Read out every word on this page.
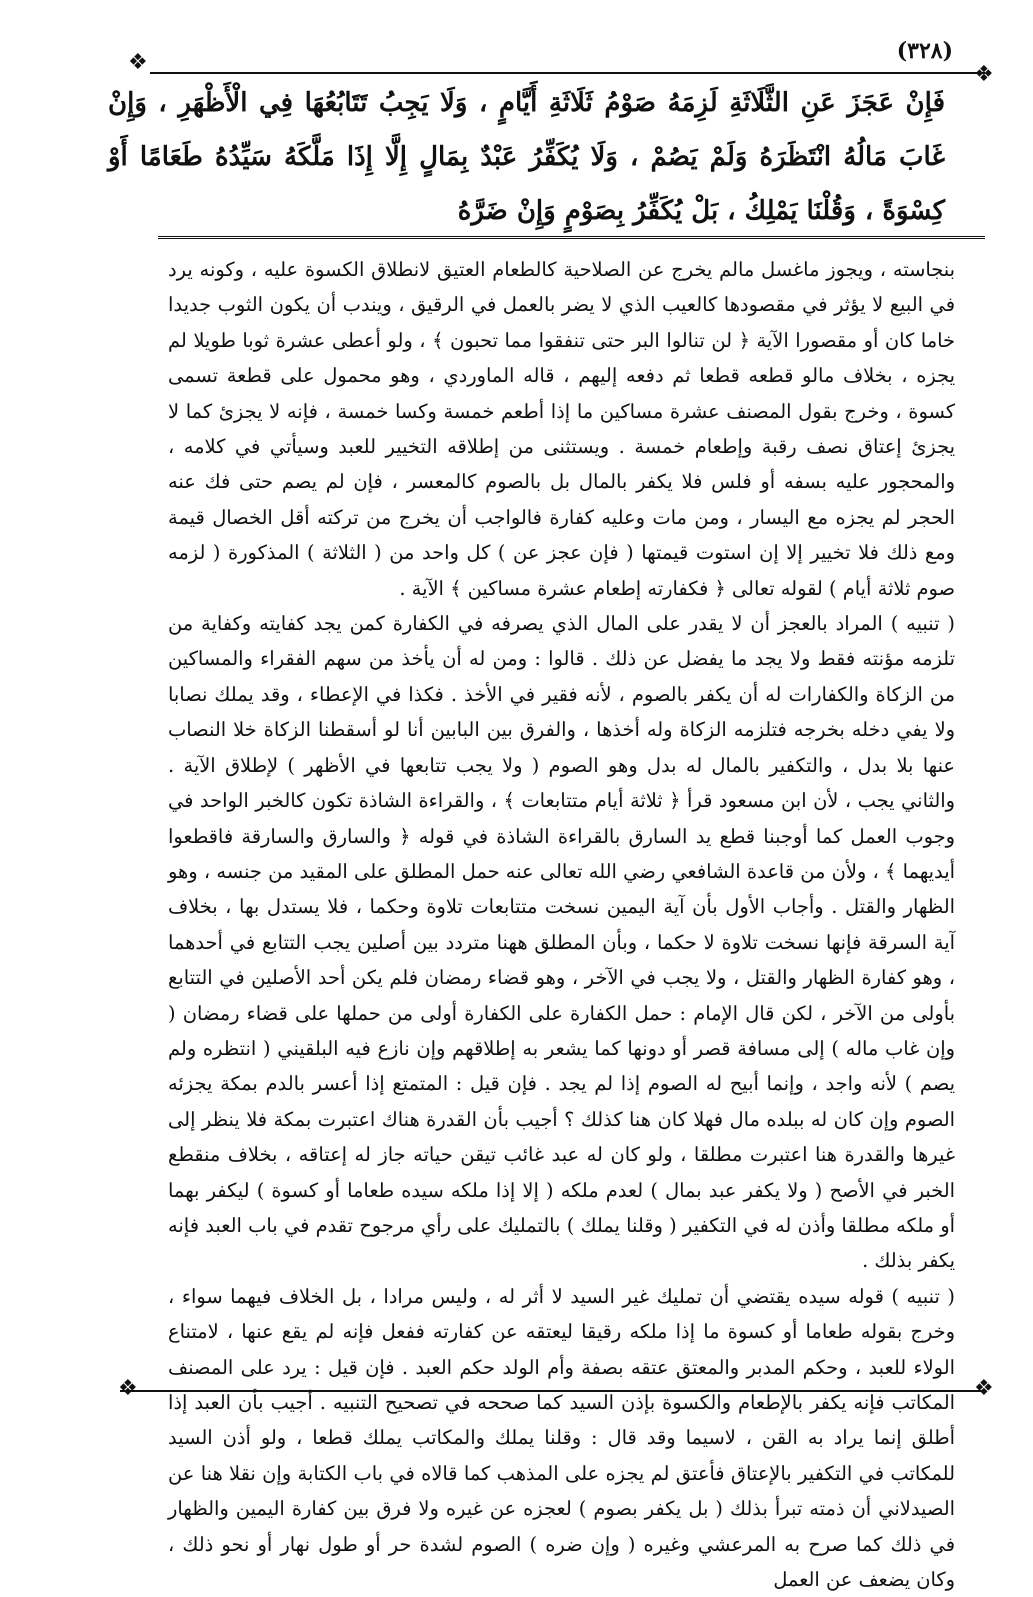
(٣٢٨)
❖	❖
فَإِنْ عَجَزَ عَنِ الثَّلَاثَةِ لَزِمَهُ صَوْمُ ثَلَاثَةِ أَيَّامٍ ، وَلَا يَجِبُ تَتَابُعُهَا فِي الْأَظْهَرِ ، وَإِنْ غَابَ مَالُهُ انْتَظَرَهُ وَلَمْ يَصُمْ ، وَلَا يُكَفِّرُ عَبْدٌ بِمَالٍ إِلَّا إِذَا مَلَّكَهُ سَيِّدُهُ طَعَامًا أَوْ كِسْوَةً ، وَقُلْنَا يَمْلِكُ ، بَلْ يُكَفِّرُ بِصَوْمٍ وَإِنْ ضَرَّهُ

بنجاسته ، ويجوز ماغسل مالم يخرج عن الصلاحية كالطعام العتيق لانطلاق الكسوة عليه ، وكونه يرد في البيع لا يؤثر في مقصودها كالعيب الذي لا يضر بالعمل في الرقيق ، ويندب أن يكون الثوب جديدا خاما كان أو مقصورا الآية ﴿ لن تنالوا البر حتى تنفقوا مما تحبون ﴾ ، ولو أعطى عشرة ثوبا طويلا لم يجزه ، بخلاف مالو قطعه قطعا ثم دفعه إليهم ، قاله الماوردي ، وهو محمول على قطعة تسمى كسوة ، وخرج بقول المصنف عشرة مساكين ما إذا أطعم خمسة وكسا خمسة ، فإنه لا يجزئ كما لا يجزئ إعتاق نصف رقبة وإطعام خمسة . ويستثنى من إطلاقه التخيير للعبد وسيأتي في كلامه ، والمحجور عليه بسفه أو فلس فلا يكفر بالمال بل بالصوم كالمعسر ، فإن لم يصم حتى فك عنه الحجر لم يجزه مع اليسار ، ومن مات وعليه كفارة فالواجب أن يخرج من تركته أقل الخصال قيمة ومع ذلك فلا تخيير إلا إن استوت قيمتها ( فإن عجز عن ) كل واحد من ( الثلاثة ) المذكورة ( لزمه صوم ثلاثة أيام ) لقوله تعالى ﴿ فكفارته إطعام عشرة مساكين ﴾ الآية .

( تنبيه ) المراد بالعجز أن لا يقدر على المال الذي يصرفه في الكفارة كمن يجد كفايته وكفاية من تلزمه مؤنته فقط ولا يجد ما يفضل عن ذلك . قالوا : ومن له أن يأخذ من سهم الفقراء والمساكين من الزكاة والكفارات له أن يكفر بالصوم ، لأنه فقير في الأخذ . فكذا في الإعطاء ، وقد يملك نصابا ولا يفي دخله بخرجه فتلزمه الزكاة وله أخذها ، والفرق بين البابين أنا لو أسقطنا الزكاة خلا النصاب عنها بلا بدل ، والتكفير بالمال له بدل وهو الصوم ( ولا يجب تتابعها في الأظهر ) لإطلاق الآية . والثاني يجب ، لأن ابن مسعود قرأ ﴿ ثلاثة أيام متتابعات ﴾ ، والقراءة الشاذة تكون كالخبر الواحد في وجوب العمل كما أوجبنا قطع يد السارق بالقراءة الشاذة في قوله ﴿ والسارق والسارقة فاقطعوا أيديهما ﴾ ، ولأن من قاعدة الشافعي رضي الله تعالى عنه حمل المطلق على المقيد من جنسه ، وهو الظهار والقتل . وأجاب الأول بأن آية اليمين نسخت متتابعات تلاوة وحكما ، فلا يستدل بها ، بخلاف آية السرقة فإنها نسخت تلاوة لا حكما ، وبأن المطلق ههنا متردد بين أصلين يجب التتابع في أحدهما ، وهو كفارة الظهار والقتل ، ولا يجب في الآخر ، وهو قضاء رمضان فلم يكن أحد الأصلين في التتابع بأولى من الآخر ، لكن قال الإمام : حمل الكفارة على الكفارة أولى من حملها على قضاء رمضان ( وإن غاب ماله ) إلى مسافة قصر أو دونها كما يشعر به إطلاقهم وإن نازع فيه البلقيني ( انتظره ولم يصم ) لأنه واجد ، وإنما أبيح له الصوم إذا لم يجد . فإن قيل : المتمتع إذا أعسر بالدم بمكة يجزئه الصوم وإن كان له ببلده مال فهلا كان هنا كذلك ؟ أجيب بأن القدرة هناك اعتبرت بمكة فلا ينظر إلى غيرها والقدرة هنا اعتبرت مطلقا ، ولو كان له عبد غائب تيقن حياته جاز له إعتاقه ، بخلاف منقطع الخبر في الأصح ( ولا يكفر عبد بمال ) لعدم ملكه ( إلا إذا ملكه سيده طعاما أو كسوة ) ليكفر بهما أو ملكه مطلقا وأذن له في التكفير ( وقلنا يملك ) بالتمليك على رأي مرجوح تقدم في باب العبد فإنه يكفر بذلك .

( تنبيه ) قوله سيده يقتضي أن تمليك غير السيد لا أثر له ، وليس مرادا ، بل الخلاف فيهما سواء ، وخرج بقوله طعاما أو كسوة ما إذا ملكه رقيقا ليعتقه عن كفارته ففعل فإنه لم يقع عنها ، لامتناع الولاء للعبد ، وحكم المدبر والمعتق عتقه بصفة وأم الولد حكم العبد . فإن قيل : يرد على المصنف المكاتب فإنه يكفر بالإطعام والكسوة بإذن السيد كما صححه في تصحيح التنبيه . أجيب بأن العبد إذا أطلق إنما يراد به القن ، لاسيما وقد قال : وقلنا يملك والمكاتب يملك قطعا ، ولو أذن السيد للمكاتب في التكفير بالإعتاق فأعتق لم يجزه على المذهب كما قالاه في باب الكتابة وإن نقلا هنا عن الصيدلاني أن ذمته تبرأ بذلك ( بل يكفر بصوم ) لعجزه عن غيره ولا فرق بين كفارة اليمين والظهار في ذلك كما صرح به المرعشي وغيره ( وإن ضره ) الصوم لشدة حر أو طول نهار أو نحو ذلك ، وكان يضعف عن العمل

❖	❖
